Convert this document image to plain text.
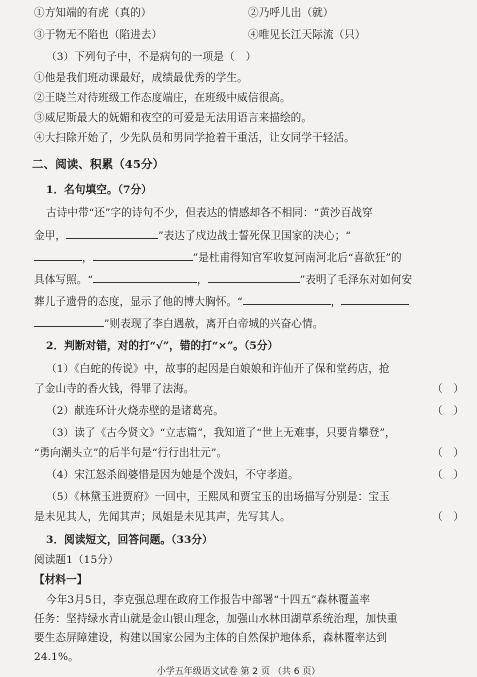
①方知端的有虎（真的）	②乃呼儿出（就）
③于物无不陷也（陷进去）	④唯见长江天际流（只）
（3）下列句子中，不是病句的一项是（ ）
①他是我们班动课最好，成绩最优秀的学生。
②王晓兰对待班级工作态度端庄，在班级中威信很高。
③威尼斯最大的妩媚和夜空的可爱是无法用语言来描绘的。
④大扫除开始了，少先队员和男同学抢着干重活，让女同学干轻活。
二、阅读、积累（45分）
1．名句填空。（7分）
古诗中带“还”字的诗句不少，但表达的情感却各不相同：“黄沙百战穿
金甲，	”表达了戍边战士誓死保卫国家的决心；“
，	”是杜甫得知官军收复河南河北后“喜欲狂”的
具体写照。“	，	”表明了毛泽东对如何安
葬儿子遗骨的态度，显示了他的博大胸怀。“	，
”则表现了李白遇赦，离开白帝城的兴奋心情。
2．判断对错，对的打“√”，错的打“×”。（5分）
（1）《白蛇的传说》中，故事的起因是白娘娘和许仙开了保和堂药店，抢
了金山寺的香火钱，得罪了法海。	（　）
（2）献连环计火烧赤壁的是诸葛亮。	（　）
（3）读了《古今贤文》“立志篇”，我知道了“世上无难事，只要肯攀登”，
“勇向潮头立”的后半句是“行行出壮元”。	（　）
（4）宋江怒杀阎婆惜是因为她是个泼妇，不守孝道。	（　）
（5）《林黛玉进贾府》一回中，王熙凤和贾宝玉的出场描写分别是：宝玉
是未见其人，先闻其声；凤姐是未见其声，先写其人。	（　）
3．阅读短文，回答问题。（33分）
阅读题1（15分）
【材料一】
今年3月5日，李克强总理在政府工作报告中部署“十四五”森林覆盖率
任务：坚持绿水青山就是金山银山理念，加强山水林田湖草系统治理，加快重
要生态屏障建设，构建以国家公园为主体的自然保护地体系，森林覆率达到
24.1%。
小学五年级语文试卷 第 2 页 （共 6 页）
